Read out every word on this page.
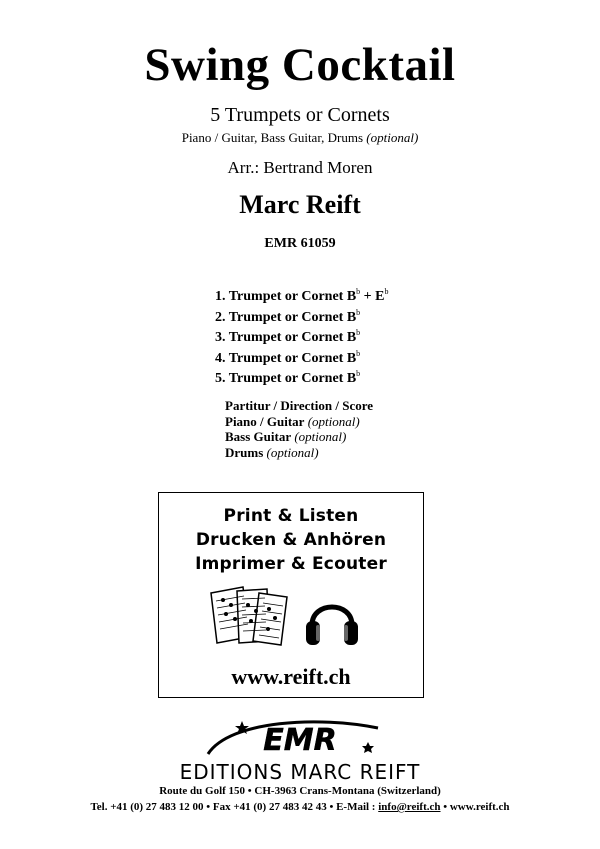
Swing Cocktail
5 Trumpets or Cornets
Piano / Guitar, Bass Guitar, Drums (optional)
Arr.: Bertrand Moren
Marc Reift
EMR 61059
1. Trumpet or Cornet $B^b + E^b$
2. Trumpet or Cornet $B^b$
3. Trumpet or Cornet $B^b$
4. Trumpet or Cornet $B^b$
5. Trumpet or Cornet $B^b$
Partitur / Direction / Score
Piano / Guitar (optional)
Bass Guitar (optional)
Drums (optional)
Print & Listen
Drucken & Anhören
Imprimer & Ecouter
www.reift.ch
EMR
EDITIONS MARC REIFT
Route du Golf 150 • CH-3963 Crans-Montana (Switzerland)
Tel. +41 (0) 27 483 12 00 • Fax +41 (0) 27 483 42 43 • E-Mail : info@reift.ch • www.reift.ch
